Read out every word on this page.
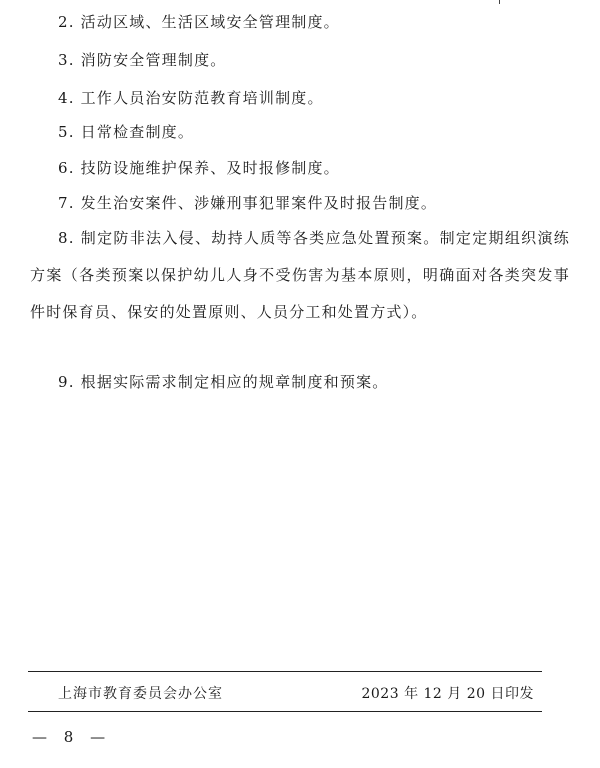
2. 活动区域、生活区域安全管理制度。
3. 消防安全管理制度。
4. 工作人员治安防范教育培训制度。
5. 日常检查制度。
6. 技防设施维护保养、及时报修制度。
7. 发生治安案件、涉嫌刑事犯罪案件及时报告制度。
8. 制定防非法入侵、劫持人质等各类应急处置预案。制定定期组织演练方案（各类预案以保护幼儿人身不受伤害为基本原则，明确面对各类突发事件时保育员、保安的处置原则、人员分工和处置方式）。
9. 根据实际需求制定相应的规章制度和预案。
上海市教育委员会办公室	2023 年 12 月 20 日印发
— 8 —
